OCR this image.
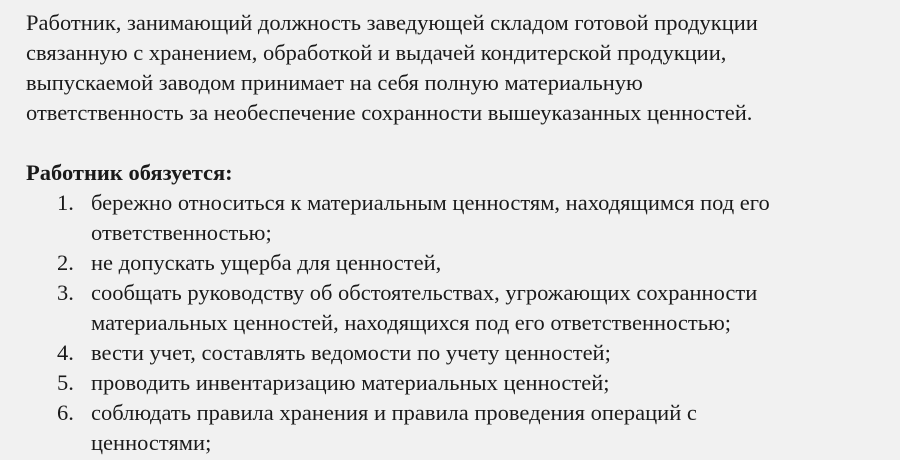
Работник, занимающий должность заведующей складом готовой продукции
связанную с хранением, обработкой и выдачей кондитерской продукции,
выпускаемой заводом принимает на себя полную материальную
ответственность за необеспечение сохранности вышеуказанных ценностей.
Работник обязуется:
1. бережно относиться к материальным ценностям, находящимся под его
ответственностью;
2. не допускать ущерба для ценностей,
3. сообщать руководству об обстоятельствах, угрожающих сохранности
материальных ценностей, находящихся под его ответственностью;
4. вести учет, составлять ведомости по учету ценностей;
5. проводить инвентаризацию материальных ценностей;
6. соблюдать правила хранения и правила проведения операций с
ценностями;
